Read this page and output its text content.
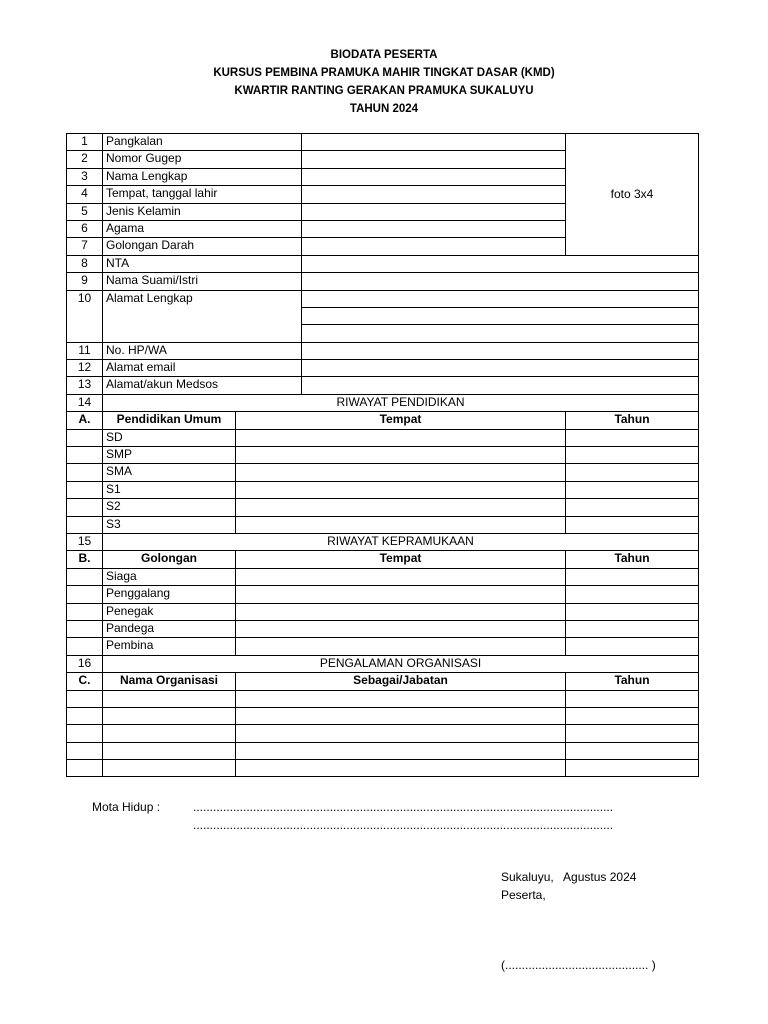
BIODATA PESERTA
KURSUS PEMBINA PRAMUKA MAHIR TINGKAT DASAR (KMD)
KWARTIR RANTING GERAKAN PRAMUKA SUKALUYU
TAHUN 2024
1	Pangkalan			foto 3x4
2	Nomor Gugep			
3	Nama Lengkap			
4	Tempat, tanggal lahir			
5	Jenis Kelamin			
6	Agama			
7	Golongan Darah			
8	NTA			
9	Nama Suami/Istri			
10	Alamat Lengkap			

11	No. HP/WA			
12	Alamat email			
13	Alamat/akun Medsos			
14	RIWAYAT PENDIDIKAN			
A.	Pendidikan Umum	Tempat		Tahun
	SD			
	SMP			
	SMA			
	S1			
	S2			
	S3			
15	RIWAYAT KEPRAMUKAAN			
B.	Golongan	Tempat		Tahun
	Siaga			
	Penggalang			
	Penegak			
	Pandega			
	Pembina			
16	PENGALAMAN ORGANISASI			
C.	Nama Organisasi	Sebagai/Jabatan		Tahun

Mota Hidup :	..............................................................................................................................
..............................................................................................................................
Sukaluyu,   Agustus 2024
Peserta,
(........................................... )
